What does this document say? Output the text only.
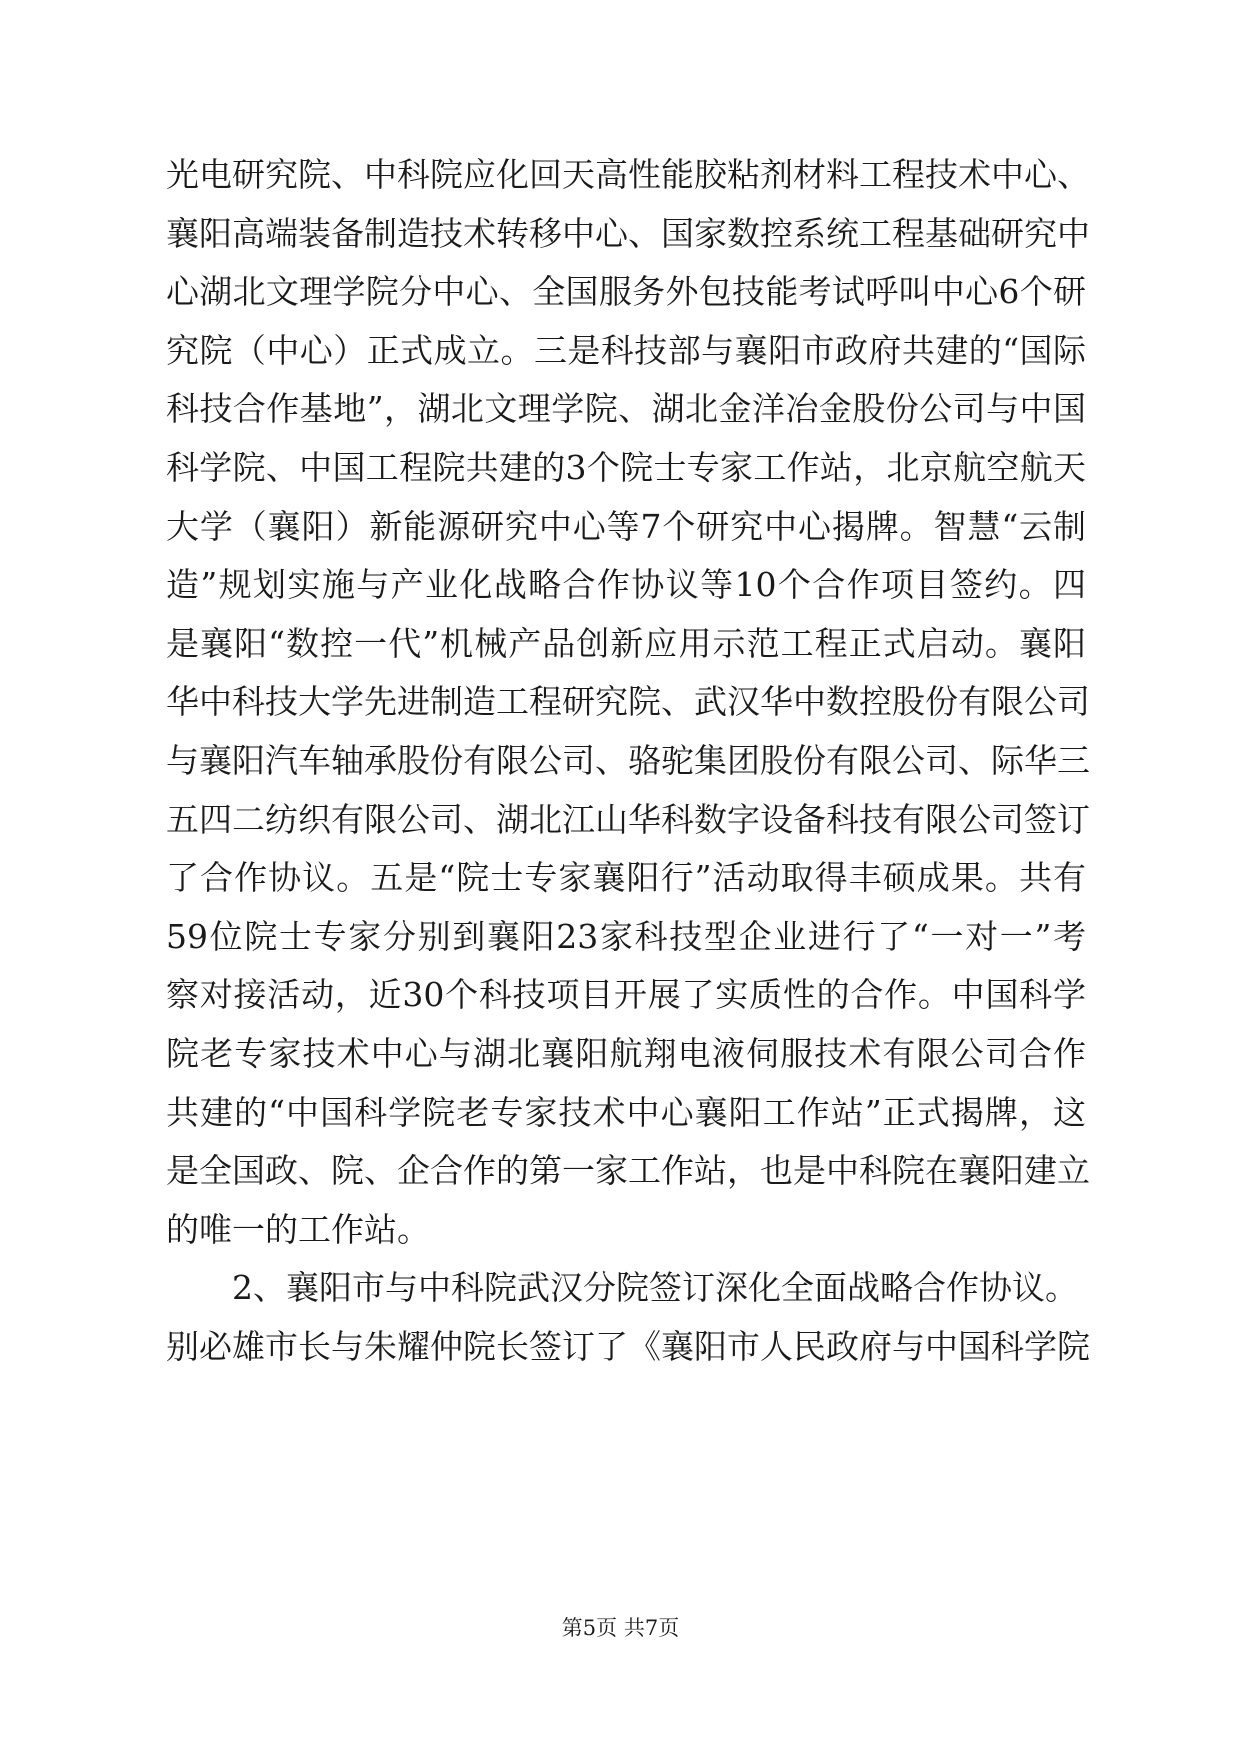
光电研究院、中科院应化回天高性能胶粘剂材料工程技术中心、
襄阳高端装备制造技术转移中心、国家数控系统工程基础研究中
心湖北文理学院分中心、全国服务外包技能考试呼叫中心6个研
究院（中心）正式成立。三是科技部与襄阳市政府共建的“国际
科技合作基地”，湖北文理学院、湖北金洋冶金股份公司与中国
科学院、中国工程院共建的3个院士专家工作站，北京航空航天
大学（襄阳）新能源研究中心等7个研究中心揭牌。智慧“云制
造”规划实施与产业化战略合作协议等10个合作项目签约。四
是襄阳“数控一代”机械产品创新应用示范工程正式启动。襄阳
华中科技大学先进制造工程研究院、武汉华中数控股份有限公司
与襄阳汽车轴承股份有限公司、骆驼集团股份有限公司、际华三
五四二纺织有限公司、湖北江山华科数字设备科技有限公司签订
了合作协议。五是“院士专家襄阳行”活动取得丰硕成果。共有
59位院士专家分别到襄阳23家科技型企业进行了“一对一”考
察对接活动，近30个科技项目开展了实质性的合作。中国科学
院老专家技术中心与湖北襄阳航翔电液伺服技术有限公司合作
共建的“中国科学院老专家技术中心襄阳工作站”正式揭牌，这
是全国政、院、企合作的第一家工作站，也是中科院在襄阳建立
的唯一的工作站。
2、襄阳市与中科院武汉分院签订深化全面战略合作协议。
别必雄市长与朱耀仲院长签订了《襄阳市人民政府与中国科学院
第5页 共7页
